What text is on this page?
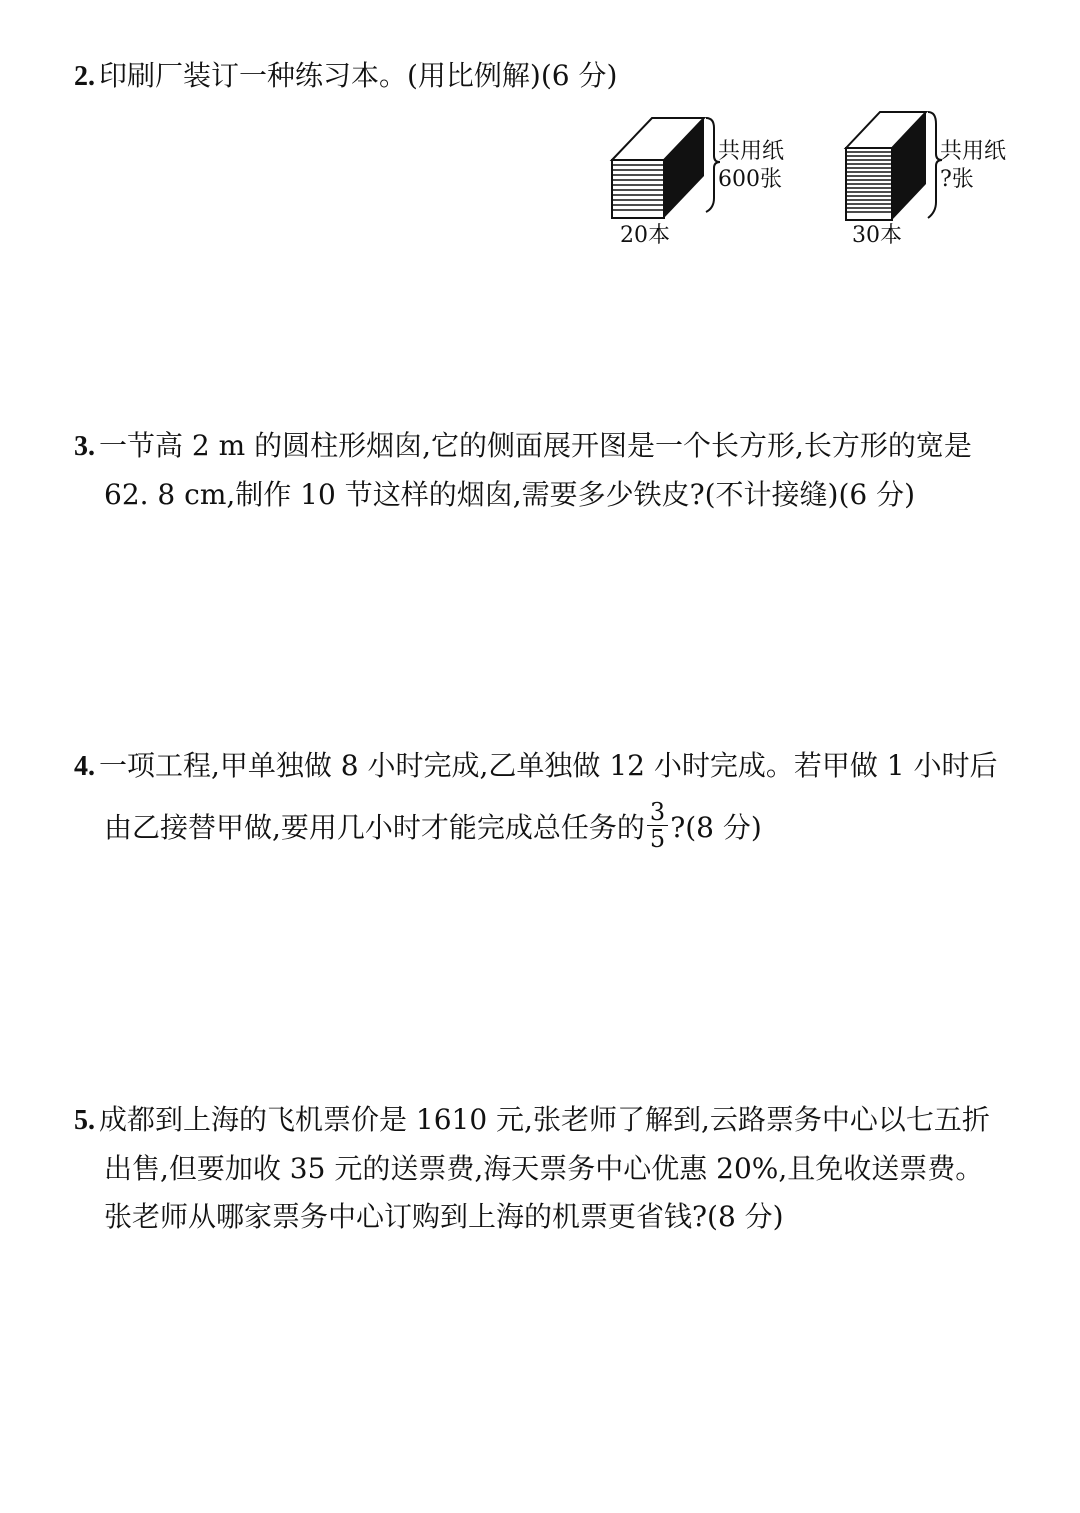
2. 印刷厂装订一种练习本。(用比例解)(6 分)
共用纸
600张
20本
共用纸
?张
30本
3. 一节高 2 m 的圆柱形烟囱,它的侧面展开图是一个长方形,长方形的宽是
62. 8 cm,制作 10 节这样的烟囱,需要多少铁皮?(不计接缝)(6 分)
4. 一项工程,甲单独做 8 小时完成,乙单独做 12 小时完成。若甲做 1 小时后
由乙接替甲做,要用几小时才能完成总任务的 $\frac{3}{5}$ ?(8 分)
5. 成都到上海的飞机票价是 1610 元,张老师了解到,云路票务中心以七五折
出售,但要加收 35 元的送票费,海天票务中心优惠 20%,且免收送票费。
张老师从哪家票务中心订购到上海的机票更省钱?(8 分)
